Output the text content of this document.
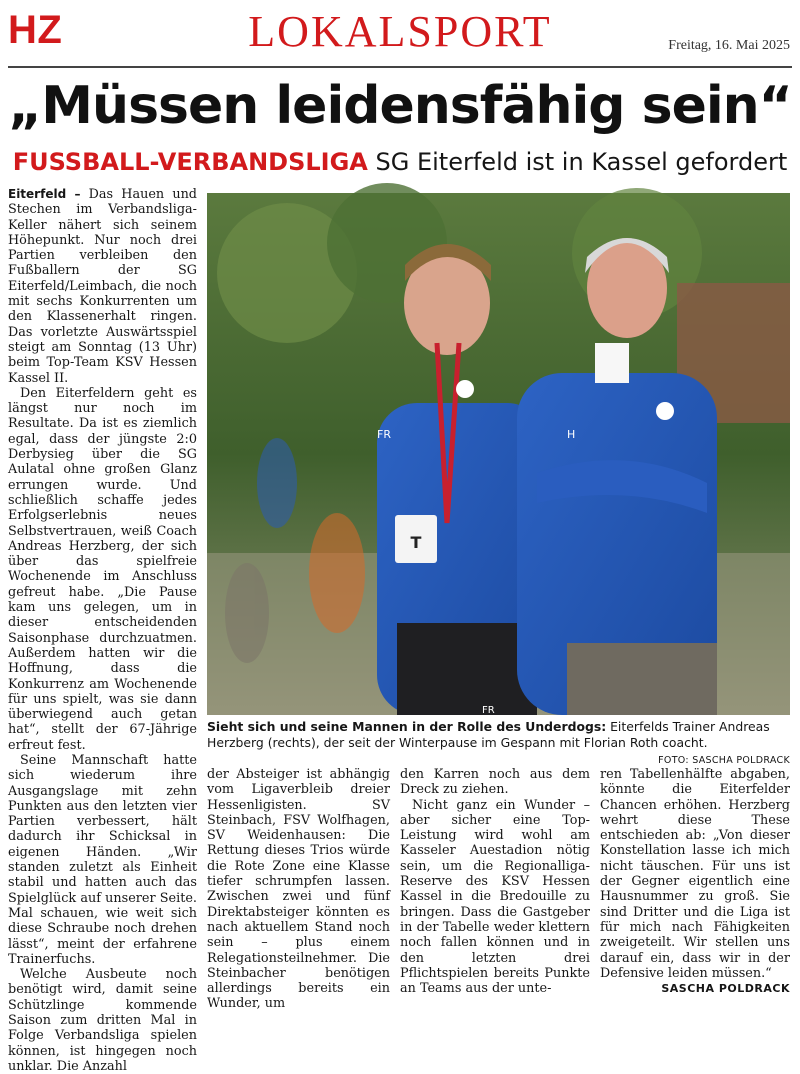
HZ	LOKALSPORT	Freitag, 16. Mai 2025
„Müssen leidensfähig sein“
FUSSBALL-VERBANDSLIGA SG Eiterfeld ist in Kassel gefordert

Eiterfeld – Das Hauen und Stechen im Verbandsliga-Keller nähert sich seinem Höhepunkt. Nur noch drei Partien verbleiben den Fußballern der SG Eiterfeld/Leimbach, die noch mit sechs Konkurrenten um den Klassenerhalt ringen. Das vorletzte Auswärtsspiel steigt am Sonntag (13 Uhr) beim Top-Team KSV Hessen Kassel II.

Den Eiterfeldern geht es längst nur noch im Resultate. Da ist es ziemlich egal, dass der jüngste 2:0 Derbysieg über die SG Aulatal ohne großen Glanz errungen wurde. Und schließlich schaffe jedes Erfolgserlebnis neues Selbstvertrauen, weiß Coach Andreas Herzberg, der sich über das spielfreie Wochenende im Anschluss gefreut habe. „Die Pause kam uns gelegen, um in dieser entscheidenden Saisonphase durchzuatmen. Außerdem hatten wir die Hoffnung, dass die Konkurrenz am Wochenende für uns spielt, was sie dann überwiegend auch getan hat“, stellt der 67-Jährige erfreut fest.

Seine Mannschaft hatte sich wiederum ihre Ausgangslage mit zehn Punkten aus den letzten vier Partien verbessert, hält dadurch ihr Schicksal in eigenen Händen. „Wir standen zuletzt als Einheit stabil und hatten auch das Spielglück auf unserer Seite. Mal schauen, wie weit sich diese Schraube noch drehen lässt“, meint der erfahrene Trainerfuchs.

Welche Ausbeute noch benötigt wird, damit seine Schützlinge kommende Saison zum dritten Mal in Folge Verbandsliga spielen können, ist hingegen noch unklar. Die Anzahl

T
FR
FR
H
Sieht sich und seine Mannen in der Rolle des Underdogs: Eiterfelds Trainer Andreas Herzberg (rechts), der seit der Winterpause im Gespann mit Florian Roth coacht.
FOTO: SASCHA POLDRACK

der Absteiger ist abhängig vom Ligaverbleib dreier Hessenligisten. SV Steinbach, FSV Wolfhagen, SV Weidenhausen: Die Rettung dieses Trios würde die Rote Zone eine Klasse tiefer schrumpfen lassen. Zwischen zwei und fünf Direktabsteiger könnten es nach aktuellem Stand noch sein – plus einem Relegationsteilnehmer. Die Steinbacher benötigen allerdings bereits ein Wunder, um

den Karren noch aus dem Dreck zu ziehen.

Nicht ganz ein Wunder – aber sicher eine Top-Leistung wird wohl am Kasseler Auestadion nötig sein, um die Regionalliga-Reserve des KSV Hessen Kassel in die Bredouille zu bringen. Dass die Gastgeber in der Tabelle weder klettern noch fallen können und in den letzten drei Pflichtspielen bereits Punkte an Teams aus der unte-

ren Tabellenhälfte abgaben, könnte die Eiterfelder Chancen erhöhen. Herzberg wehrt diese These entschieden ab: „Von dieser Konstellation lasse ich mich nicht täuschen. Für uns ist der Gegner eigentlich eine Hausnummer zu groß. Sie sind Dritter und die Liga ist für mich nach Fähigkeiten zweigeteilt. Wir stellen uns darauf ein, dass wir in der Defensive leiden müssen.“
SASCHA POLDRACK
